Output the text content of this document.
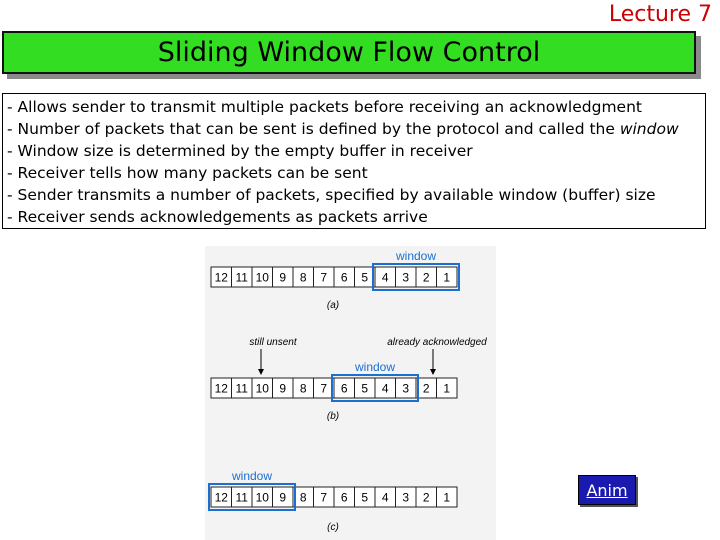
Lecture 7
Sliding Window Flow Control
- Allows sender to transmit multiple packets before receiving an acknowledgment
- Number of packets that can be sent is defined by the protocol and called the window
- Window size is determined by the empty buffer in receiver
- Receiver tells how many packets can be sent
- Sender transmits a number of packets, specified by available window (buffer) size
- Receiver sends acknowledgements as packets arrive
12 11 10 9 8 7 6 5 4 3 2 1
window
(a)
12 11 10 9 8 7 6 5 4 3 2 1
window
(b)
12 11 10 9 8 7 6 5 4 3 2 1
window
(c)
still unsent	already acknowledged
Anim
